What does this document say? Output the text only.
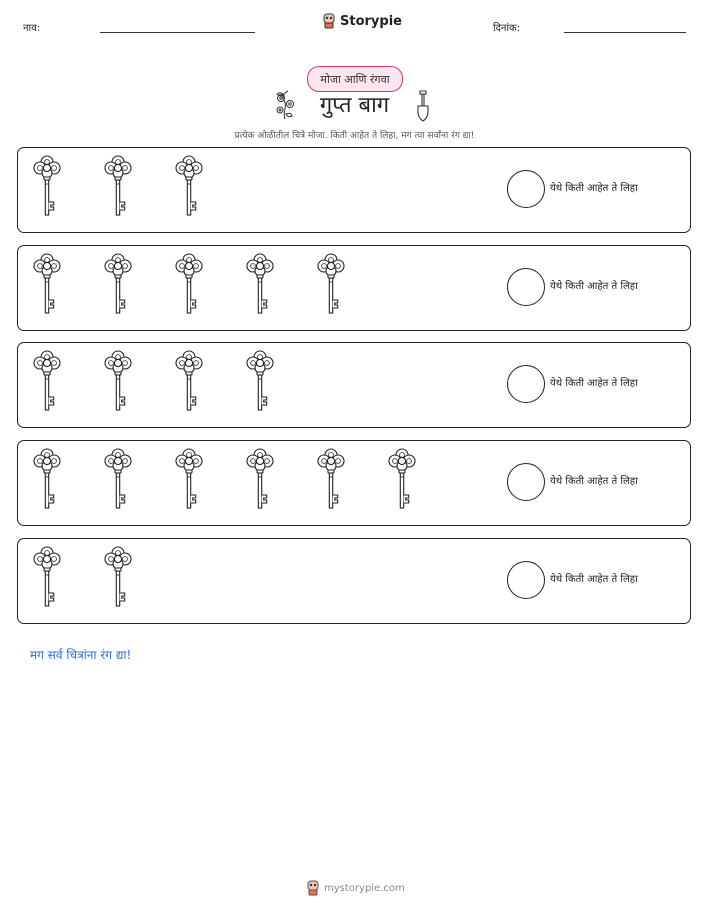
नाव:	Storypie	दिनांक:
मोजा आणि रंगवा
गुप्त बाग
प्रत्येक ओळीतील चित्रे मोजा. किती आहेत ते लिहा, मग त्या सर्वांना रंग द्या!
येथे किती आहेत ते लिहा
येथे किती आहेत ते लिहा
येथे किती आहेत ते लिहा
येथे किती आहेत ते लिहा
येथे किती आहेत ते लिहा
मग सर्व चित्रांना रंग द्या!
mystorypie.com
